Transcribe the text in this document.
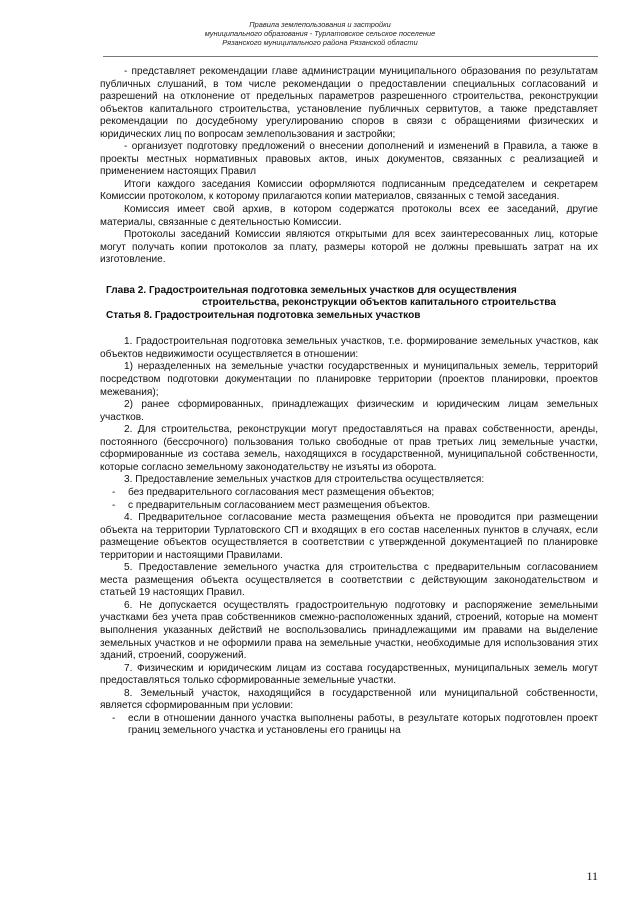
Правила землепользования и застройки
муниципального образования - Турлатовское сельское поселение
Рязанского муниципального района Рязанской области

- представляет рекомендации главе администрации муниципального образования по результатам публичных слушаний, в том числе рекомендации о предоставлении специальных согласований и разрешений на отклонение от предельных параметров разрешенного строительства, реконструкции объектов капитального строительства, установление публичных сервитутов, а также представляет рекомендации по досудебному урегулированию споров в связи с обращениями физических и юридических лиц по вопросам землепользования и застройки;

- организует подготовку предложений о внесении дополнений и изменений в Правила, а также в проекты местных нормативных правовых актов, иных документов, связанных с реализацией и применением настоящих Правил

Итоги каждого заседания Комиссии оформляются подписанным председателем и секретарем Комиссии протоколом, к которому прилагаются копии материалов, связанных с темой заседания.

Комиссия имеет свой архив, в котором содержатся протоколы всех ее заседаний, другие материалы, связанные с деятельностью Комиссии.

Протоколы заседаний Комиссии являются открытыми для всех заинтересованных лиц, которые могут получать копии протоколов за плату, размеры которой не должны превышать затрат на их изготовление.

Глава 2. Градостроительная подготовка земельных участков для осуществления

строительства, реконструкции объектов капитального строительства

Статья 8. Градостроительная подготовка земельных участков

1. Градостроительная подготовка земельных участков, т.е. формирование земельных участков, как объектов недвижимости осуществляется в отношении:

1) неразделенных на земельные участки государственных и муниципальных земель, территорий посредством подготовки документации по планировке территории (проектов планировки, проектов межевания);

2) ранее сформированных, принадлежащих физическим и юридическим лицам земельных участков.

2. Для строительства, реконструкции могут предоставляться на правах собственности, аренды, постоянного (бессрочного) пользования только свободные от прав третьих лиц земельные участки, сформированные из состава земель, находящихся в государственной, муниципальной собственности, которые согласно земельному законодательству не изъяты из оборота.

3. Предоставление земельных участков для строительства осуществляется:

-	без предварительного согласования мест размещения объектов;
-	с предварительным согласованием мест размещения объектов.

4. Предварительное согласование места размещения объекта не проводится при размещении объекта на территории Турлатовского СП и входящих в его состав населенных пунктов в случаях, если размещение объектов осуществляется в соответствии с утвержденной документацией по планировке территории и настоящими Правилами.

5. Предоставление земельного участка для строительства с предварительным согласованием места размещения объекта осуществляется в соответствии с действующим законодательством и статьей 19 настоящих Правил.

6. Не допускается осуществлять градостроительную подготовку и распоряжение земельными участками без учета прав собственников смежно-расположенных зданий, строений, которые на момент выполнения указанных действий не воспользовались принадлежащими им правами на выделение земельных участков и не оформили права на земельные участки, необходимые для использования этих зданий, строений, сооружений.

7. Физическим и юридическим лицам из состава государственных, муниципальных земель могут предоставляться только сформированные земельные участки.

8. Земельный участок, находящийся в государственной или муниципальной собственности, является сформированным при условии:

-	если в отношении данного участка выполнены работы, в результате которых подготовлен проект границ земельного участка и установлены его границы на
11
